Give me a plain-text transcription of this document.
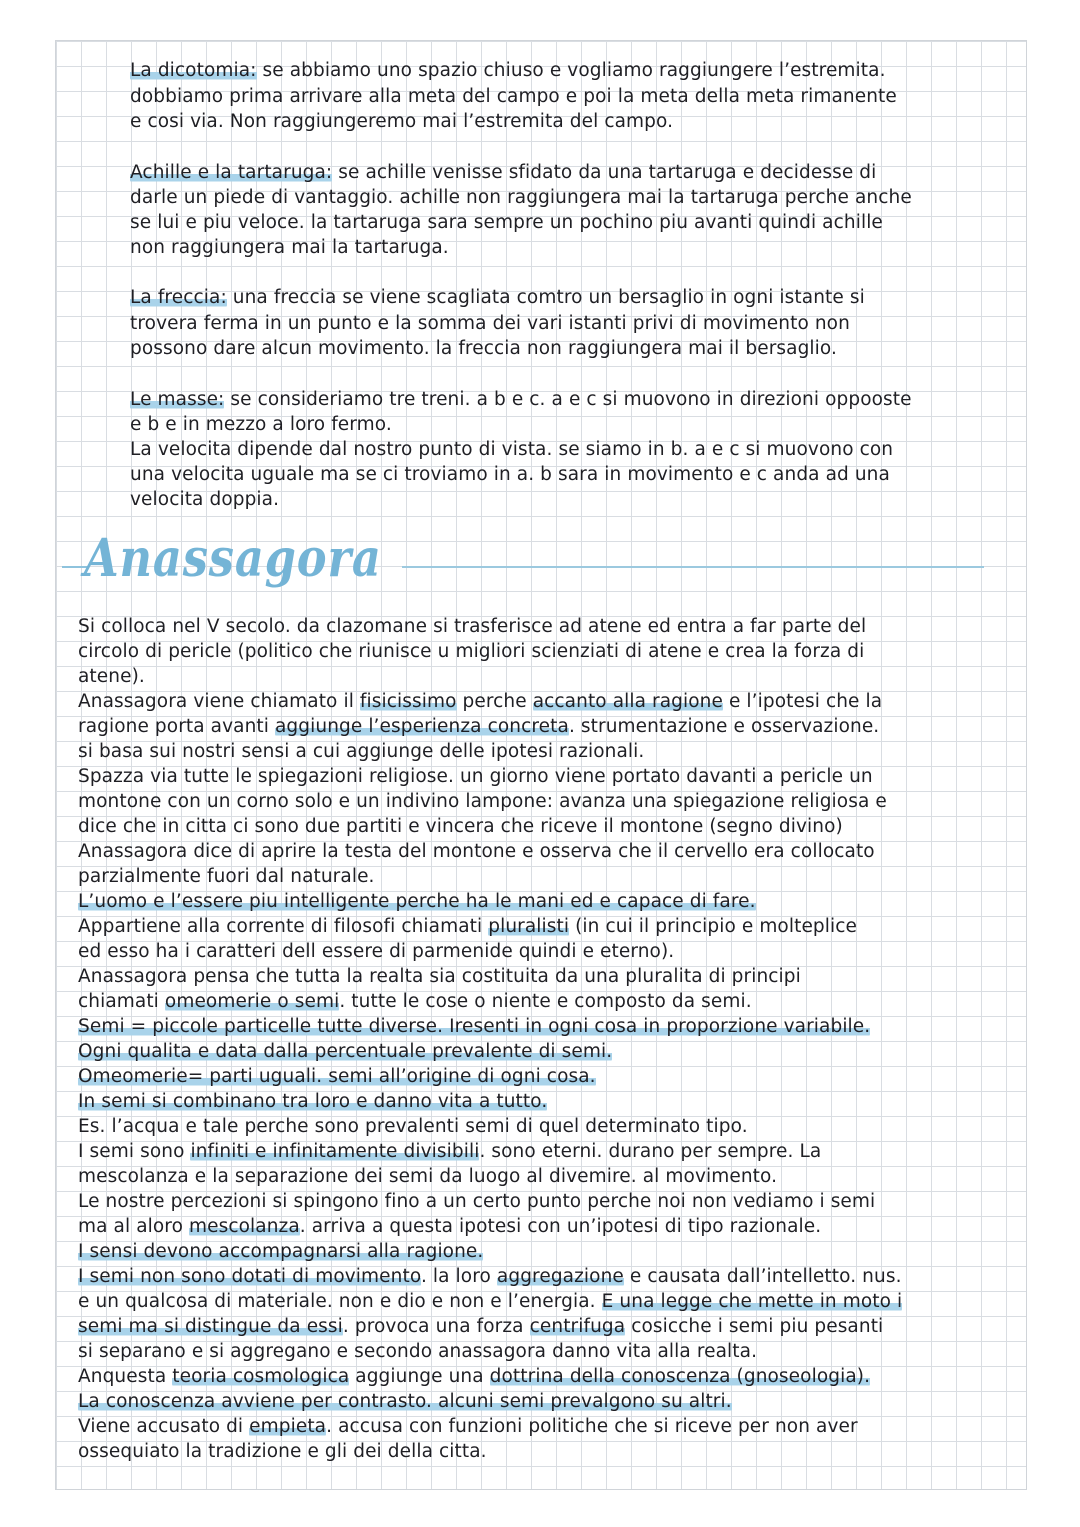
La dicotomia: se abbiamo uno spazio chiuso e vogliamo raggiungere l’estremita.
dobbiamo prima arrivare alla meta del campo e poi la meta della meta rimanente
e cosi via. Non raggiungeremo mai l’estremita del campo.
Achille e la tartaruga: se achille venisse sfidato da una tartaruga e decidesse di
darle un piede di vantaggio. achille non raggiungera mai la tartaruga perche anche
se lui e piu veloce. la tartaruga sara sempre un pochino piu avanti quindi achille
non raggiungera mai la tartaruga.
La freccia: una freccia se viene scagliata comtro un bersaglio in ogni istante si
trovera ferma in un punto e la somma dei vari istanti privi di movimento non
possono dare alcun movimento. la freccia non raggiungera mai il bersaglio.
Le masse: se consideriamo tre treni. a b e c. a e c si muovono in direzioni oppooste
e b e in mezzo a loro fermo.
La velocita dipende dal nostro punto di vista. se siamo in b. a e c si muovono con
una velocita uguale ma se ci troviamo in a. b sara in movimento e c anda ad una
velocita doppia.
Anassagora
Si colloca nel V secolo. da clazomane si trasferisce ad atene ed entra a far parte del
circolo di pericle (politico che riunisce u migliori scienziati di atene e crea la forza di
atene).
Anassagora viene chiamato il fisicissimo perche accanto alla ragione e l’ipotesi che la
ragione porta avanti aggiunge l’esperienza concreta. strumentazione e osservazione.
si basa sui nostri sensi a cui aggiunge delle ipotesi razionali.
Spazza via tutte le spiegazioni religiose. un giorno viene portato davanti a pericle un
montone con un corno solo e un indivino lampone: avanza una spiegazione religiosa e
dice che in citta ci sono due partiti e vincera che riceve il montone (segno divino)
Anassagora dice di aprire la testa del montone e osserva che il cervello era collocato
parzialmente fuori dal naturale.
L’uomo e l’essere piu intelligente perche ha le mani ed e capace di fare.
Appartiene alla corrente di filosofi chiamati pluralisti (in cui il principio e molteplice
ed esso ha i caratteri dell essere di parmenide quindi e eterno).
Anassagora pensa che tutta la realta sia costituita da una pluralita di principi
chiamati omeomerie o semi. tutte le cose o niente e composto da semi.
Semi = piccole particelle tutte diverse. Iresenti in ogni cosa in proporzione variabile.
Ogni qualita e data dalla percentuale prevalente di semi.
Omeomerie= parti uguali. semi all’origine di ogni cosa.
In semi si combinano tra loro e danno vita a tutto.
Es. l’acqua e tale perche sono prevalenti semi di quel determinato tipo.
I semi sono infiniti e infinitamente divisibili. sono eterni. durano per sempre. La
mescolanza e la separazione dei semi da luogo al divemire. al movimento.
Le nostre percezioni si spingono fino a un certo punto perche noi non vediamo i semi
ma al aloro mescolanza. arriva a questa ipotesi con un’ipotesi di tipo razionale.
I sensi devono accompagnarsi alla ragione.
I semi non sono dotati di movimento. la loro aggregazione e causata dall’intelletto. nus.
e un qualcosa di materiale. non e dio e non e l’energia. E una legge che mette in moto i
semi ma si distingue da essi. provoca una forza centrifuga cosicche i semi piu pesanti
si separano e si aggregano e secondo anassagora danno vita alla realta.
Anquesta teoria cosmologica aggiunge una dottrina della conoscenza (gnoseologia).
La conoscenza avviene per contrasto. alcuni semi prevalgono su altri.
Viene accusato di empieta. accusa con funzioni politiche che si riceve per non aver
ossequiato la tradizione e gli dei della citta.
